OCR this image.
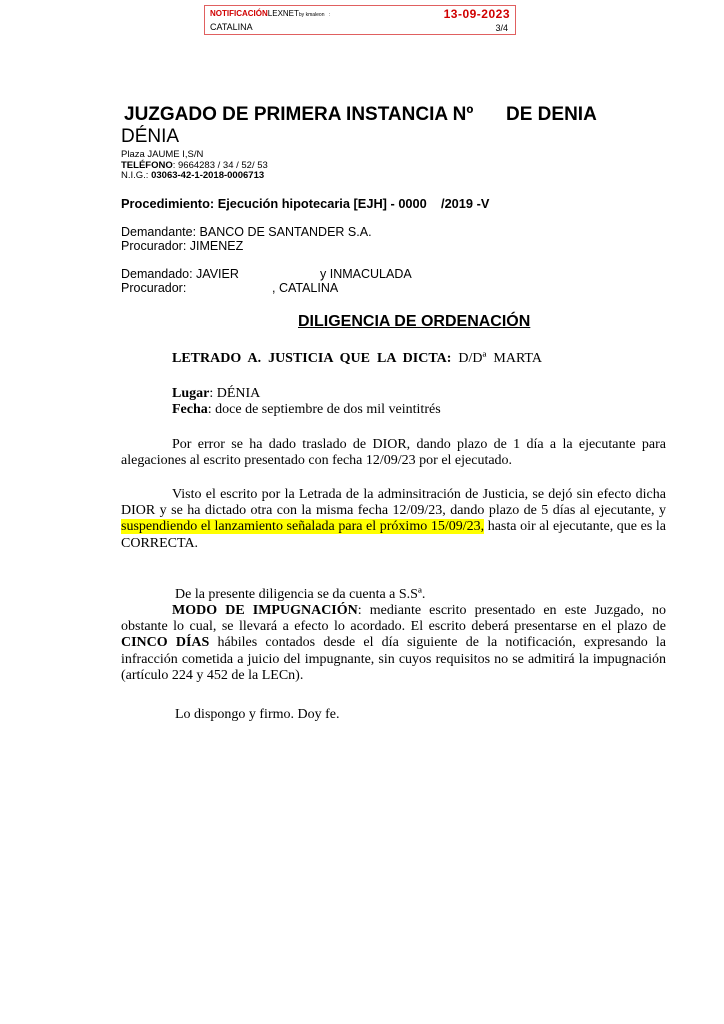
NOTIFICACIÓNLEXNETby kmaleon :	13-09-2023
CATALINA	3/4
JUZGADO DE PRIMERA INSTANCIA Nº DE DENIA
DÉNIA
Plaza JAUME I,S/N
TELÉFONO: 9664283 / 34 / 52/ 53
N.I.G.: 03063-42-1-2018-0006713
Procedimiento: Ejecución hipotecaria [EJH] - 0000    /2019 -V
Demandante: BANCO DE SANTANDER S.A.
Procurador: JIMENEZ
Demandado: JAVIER	y INMACULADA
Procurador:	, CATALINA
DILIGENCIA DE ORDENACIÓN
LETRADO  A.  JUSTICIA  QUE  LA  DICTA: D/Dª  MARTA
Lugar: DÉNIA
Fecha: doce de septiembre de dos mil veintitrés
Por error se ha dado traslado de DIOR, dando plazo de 1 día a la ejecutante para alegaciones al escrito presentado con fecha 12/09/23 por el ejecutado.
Visto el escrito por la Letrada de la adminsitración de Justicia, se dejó sin efecto dicha DIOR y se ha dictado otra con la misma fecha 12/09/23, dando plazo de 5 días al ejecutante, y suspendiendo el lanzamiento señalada para el próximo 15/09/23, hasta oir al ejecutante, que es la CORRECTA.
De la presente diligencia se da cuenta a S.Sª.
MODO DE IMPUGNACIÓN: mediante escrito presentado en este Juzgado, no obstante lo cual, se llevará a efecto lo acordado. El escrito deberá presentarse en el plazo de CINCO DÍAS hábiles contados desde el día siguiente de la notificación, expresando la infracción cometida a juicio del impugnante, sin cuyos requisitos no se admitirá la impugnación (artículo 224 y 452 de la LECn).
Lo dispongo y firmo. Doy fe.
